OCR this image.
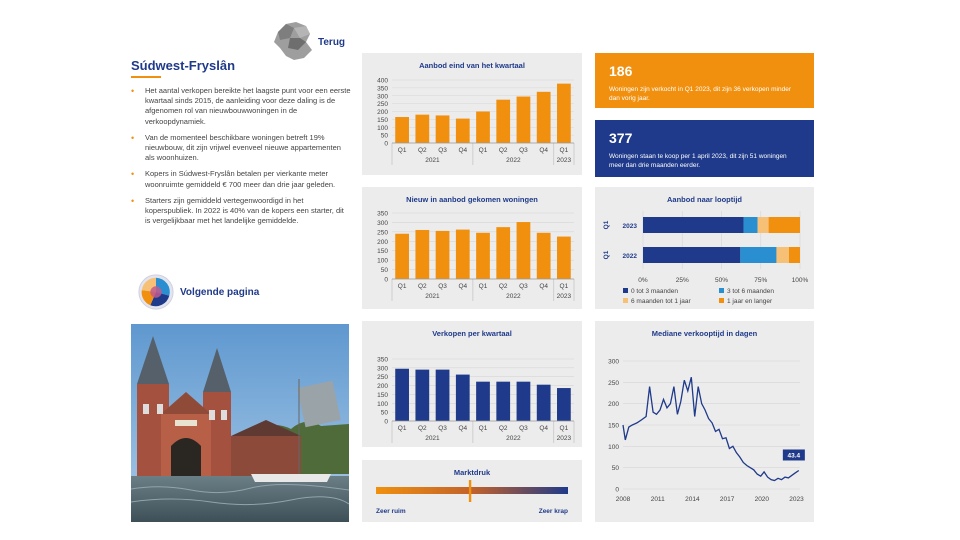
Terug
Súdwest-Fryslân
• Het aantal verkopen bereikte het laagste punt voor een eerste kwartaal sinds 2015, de aanleiding voor deze daling is de afgenomen rol van nieuwbouwwoningen in de verkoopdynamiek.
• Van de momenteel beschikbare woningen betreft 19% nieuwbouw, dit zijn vrijwel evenveel nieuwe appartementen als woonhuizen.
• Kopers in Súdwest-Fryslân betalen per vierkante meter woonruimte gemiddeld € 700 meer dan drie jaar geleden.
• Starters zijn gemiddeld vertegenwoordigd in het koperspubliek. In 2022 is 40% van de kopers een starter, dit is vergelijkbaar met het landelijke gemiddelde.
Volgende pagina
Aanbod eind van het kwartaal
0
50
100
150
200
250
300
350
400
Q1 Q2 Q3 Q4 Q1 Q2 Q3 Q4 Q1
2021	2022	2023
Nieuw in aanbod gekomen woningen
0
50
100
150
200
250
300
350
Q1 Q2 Q3 Q4 Q1 Q2 Q3 Q4 Q1
2021	2022	2023
Verkopen per kwartaal
0
50
100
150
200
250
300
350
Q1 Q2 Q3 Q4 Q1 Q2 Q3 Q4 Q1
2021	2022	2023
Marktdruk
Zeer ruim	Zeer krap
186
Woningen zijn verkocht in Q1 2023, dit zijn 36 verkopen minder dan vorig jaar.
377
Woningen staan te koop per 1 april 2023, dit zijn 51 woningen meer dan drie maanden eerder.
Aanbod naar looptijd
0%	25%	50%	75%	100%
2023
Q1
2022
Q1
0 tot 3 maanden	3 tot 6 maanden
6 maanden tot 1 jaar	1 jaar en langer
Mediane verkooptijd in dagen
0
50
100
150
200
250
300
2008	2011	2014	2017	2020	2023
43.4
